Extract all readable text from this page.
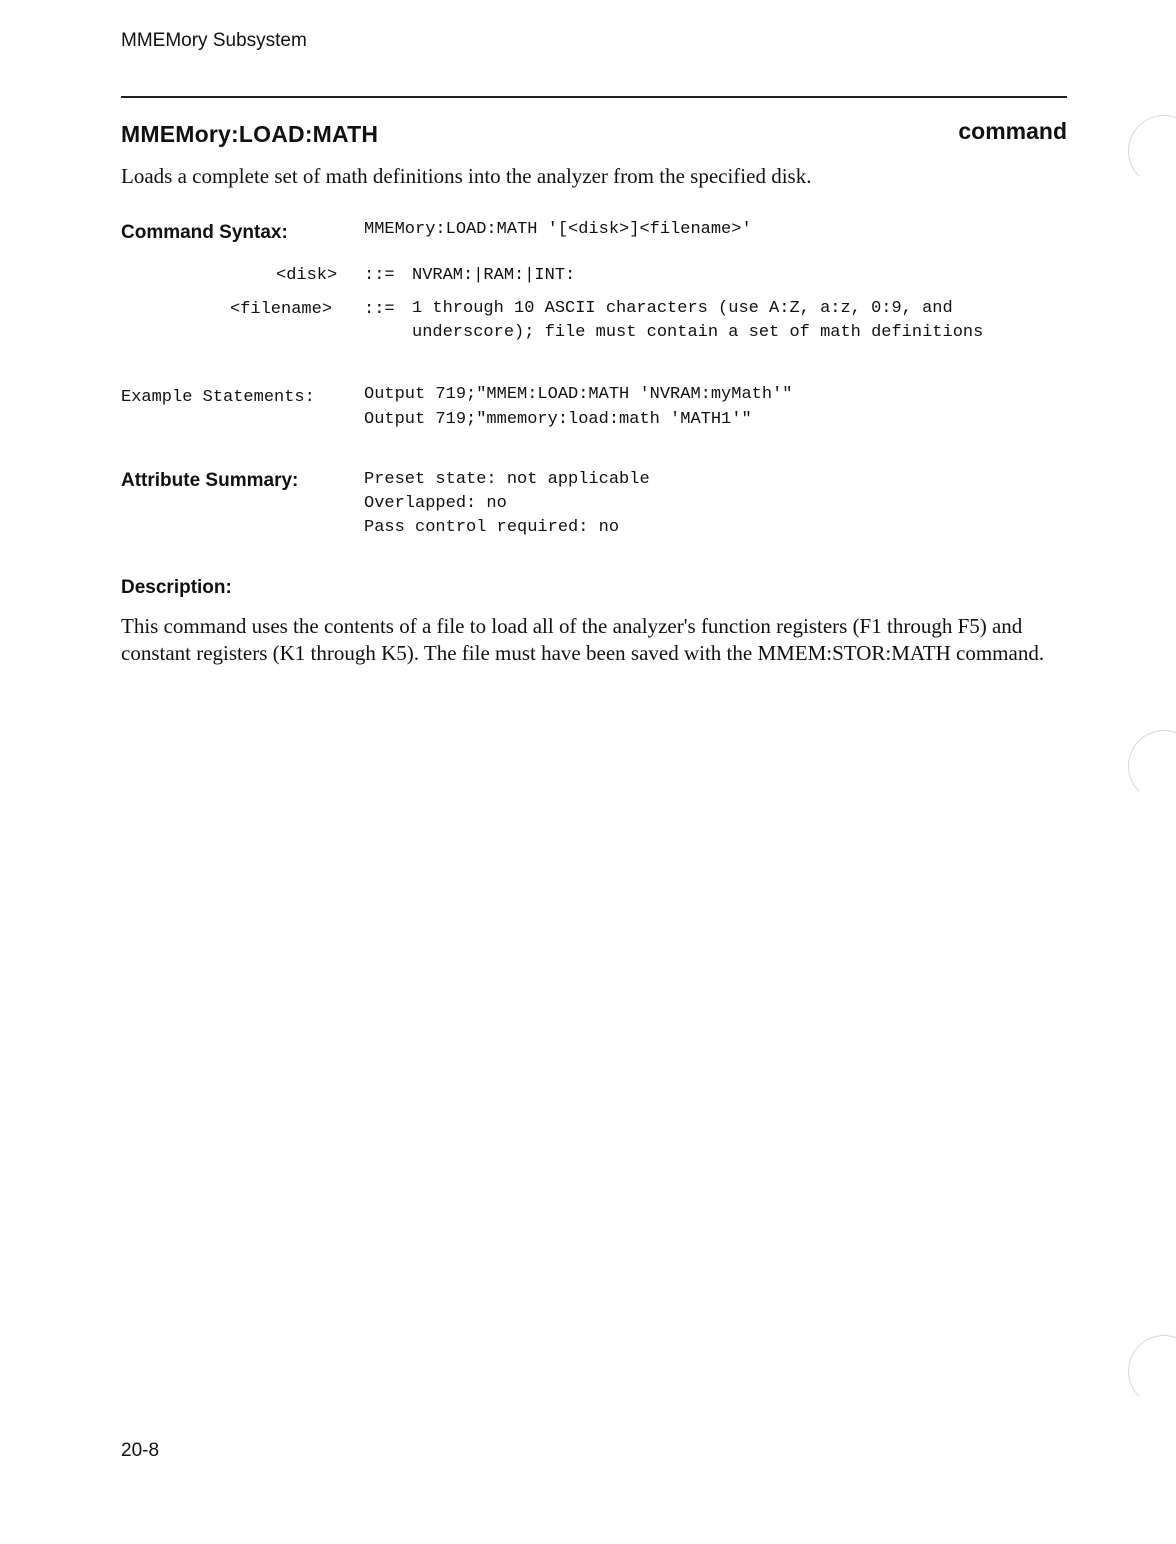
MMEMory Subsystem
MMEMory:LOAD:MATH	command
Loads a complete set of math definitions into the analyzer from the specified disk.
Command Syntax:	MMEMory:LOAD:MATH '[<disk>]<filename>'
<disk> ::= NVRAM:|RAM:|INT:
<filename> ::= 1 through 10 ASCII characters (use A:Z, a:z, 0:9, and underscore); file must contain a set of math definitions
Example Statements:	Output 719;"MMEM:LOAD:MATH 'NVRAM:myMath'"
Output 719;"mmemory:load:math 'MATH1'"
Attribute Summary:	Preset state: not applicable
Overlapped: no
Pass control required: no
Description:
This command uses the contents of a file to load all of the analyzer's function registers (F1 through F5) and constant registers (K1 through K5). The file must have been saved with the MMEM:STOR:MATH command.
20-8
